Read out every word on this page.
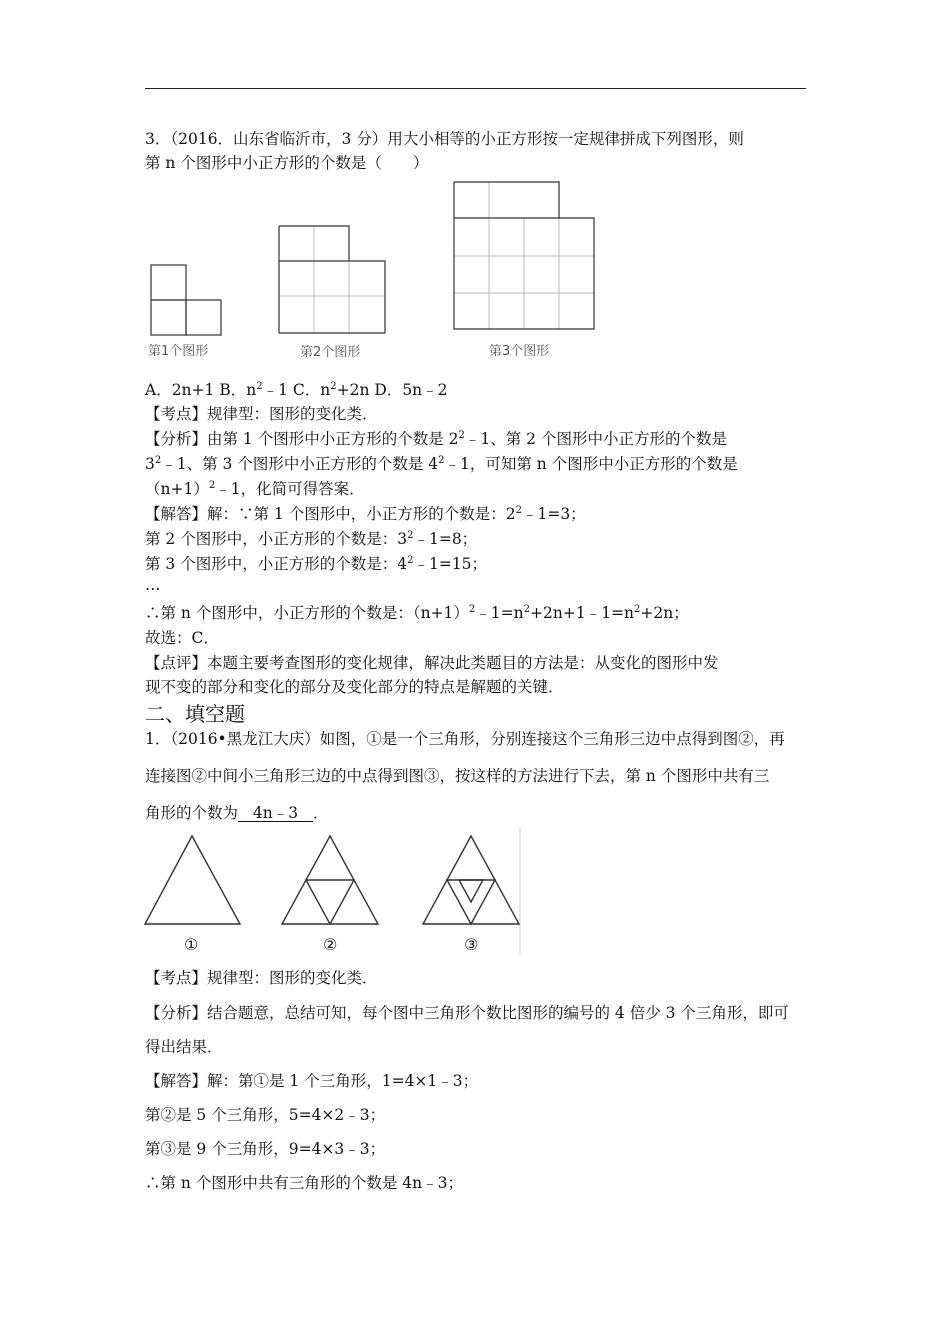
3．（2016．山东省临沂市，3 分）用大小相等的小正方形按一定规律拼成下列图形，则
第 n 个图形中小正方形的个数是（　　）
第1个图形	第2个图形	第3个图形
A．2n+1 B．$n^2﹣1$ C．$n^2+2n$ D．5n﹣2
【考点】规律型：图形的变化类．
【分析】由第 1 个图形中小正方形的个数是 $2^2﹣1$、第 2 个图形中小正方形的个数是
$3^2﹣1$、第 3 个图形中小正方形的个数是 $4^2﹣1$，可知第 n 个图形中小正方形的个数是
$(n+1)^2﹣1$，化简可得答案．
【解答】解：∵第 1 个图形中，小正方形的个数是：$2^2﹣1=3$；
第 2 个图形中，小正方形的个数是：$3^2﹣1=8$；
第 3 个图形中，小正方形的个数是：$4^2﹣1=15$；
…
∴第 n 个图形中，小正方形的个数是：$(n+1)^2﹣1=n^2+2n+1﹣1=n^2+2n$；
故选：C．
【点评】本题主要考查图形的变化规律，解决此类题目的方法是：从变化的图形中发
现不变的部分和变化的部分及变化部分的特点是解题的关键．
二、填空题
1．（2016•黑龙江大庆）如图，①是一个三角形，分别连接这个三角形三边中点得到图②，再
连接图②中间小三角形三边的中点得到图③，按这样的方法进行下去，第 n 个图形中共有三
角形的个数为 4n﹣3 ．
①	②	③
【考点】规律型：图形的变化类．
【分析】结合题意，总结可知，每个图中三角形个数比图形的编号的 4 倍少 3 个三角形，即可
得出结果．
【解答】解：第①是 1 个三角形，1=4×1﹣3；
第②是 5 个三角形，5=4×2﹣3；
第③是 9 个三角形，9=4×3﹣3；
∴第 n 个图形中共有三角形的个数是 4n﹣3；
